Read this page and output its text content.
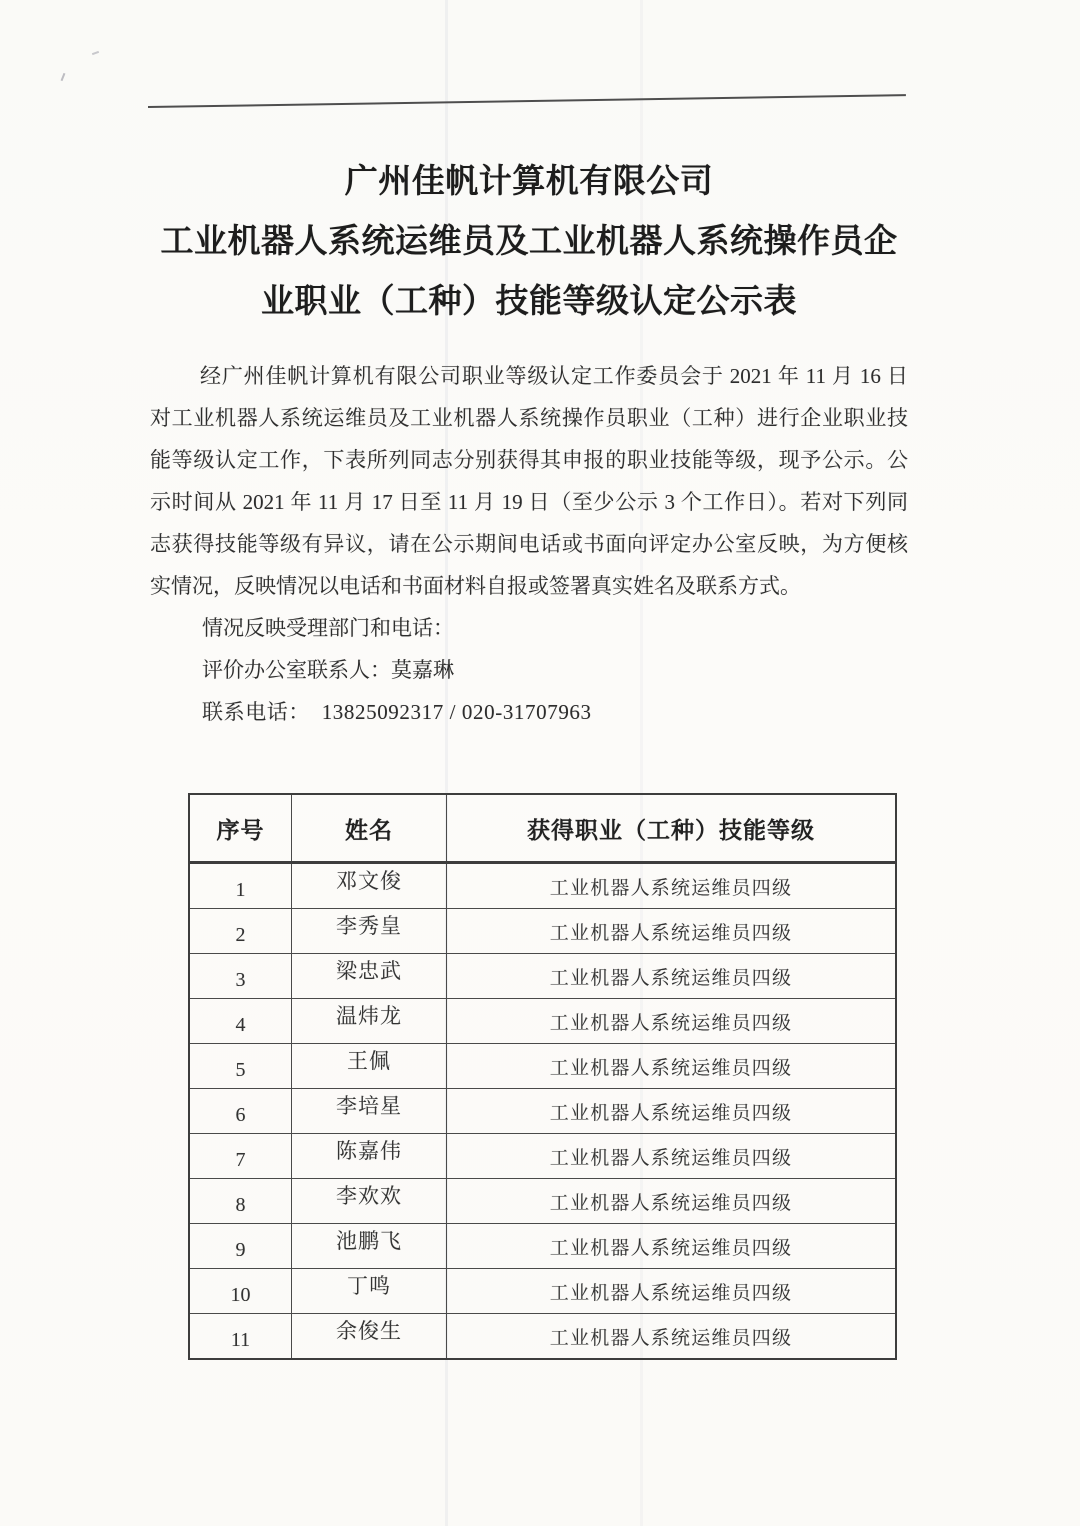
广州佳帆计算机有限公司
工业机器人系统运维员及工业机器人系统操作员企
业职业（工种）技能等级认定公示表
经广州佳帆计算机有限公司职业等级认定工作委员会于 2021 年 11 月 16 日
对工业机器人系统运维员及工业机器人系统操作员职业（工种）进行企业职业技
能等级认定工作，下表所列同志分别获得其申报的职业技能等级，现予公示。公
示时间从 2021 年 11 月 17 日至 11 月 19 日（至少公示 3 个工作日）。若对下列同
志获得技能等级有异议，请在公示期间电话或书面向评定办公室反映，为方便核
实情况，反映情况以电话和书面材料自报或签署真实姓名及联系方式。
情况反映受理部门和电话：
评价办公室联系人：莫嘉琳
联系电话：  13825092317 / 020-31707963
序号	姓名	获得职业（工种）技能等级
1	邓文俊	工业机器人系统运维员四级
2	李秀皇	工业机器人系统运维员四级
3	梁忠武	工业机器人系统运维员四级
4	温炜龙	工业机器人系统运维员四级
5	王佩	工业机器人系统运维员四级
6	李培星	工业机器人系统运维员四级
7	陈嘉伟	工业机器人系统运维员四级
8	李欢欢	工业机器人系统运维员四级
9	池鹏飞	工业机器人系统运维员四级
10	丁鸣	工业机器人系统运维员四级
11	余俊生	工业机器人系统运维员四级
